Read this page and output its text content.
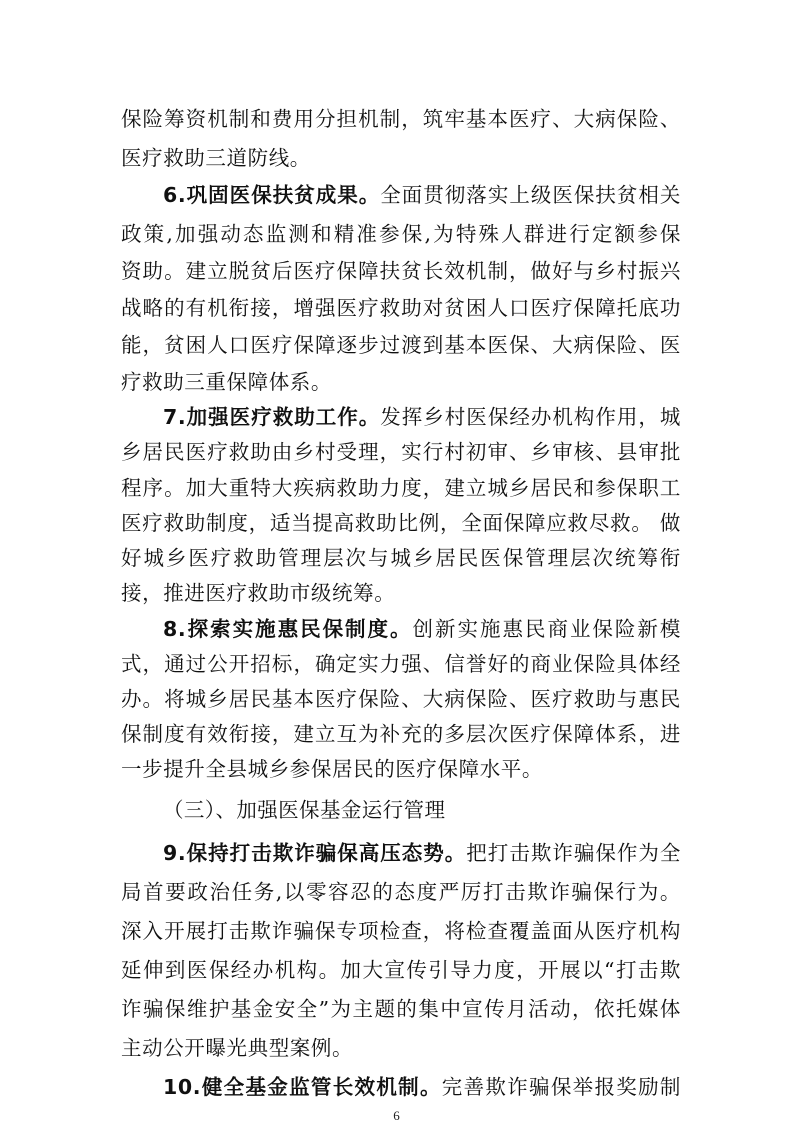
保险筹资机制和费用分担机制，筑牢基本医疗、大病保险、
医疗救助三道防线。
6.巩固医保扶贫成果。全面贯彻落实上级医保扶贫相关
政策,加强动态监测和精准参保,为特殊人群进行定额参保
资助。建立脱贫后医疗保障扶贫长效机制，做好与乡村振兴
战略的有机衔接，增强医疗救助对贫困人口医疗保障托底功
能，贫困人口医疗保障逐步过渡到基本医保、大病保险、医
疗救助三重保障体系。
7.加强医疗救助工作。发挥乡村医保经办机构作用，城
乡居民医疗救助由乡村受理，实行村初审、乡审核、县审批
程序。加大重特大疾病救助力度，建立城乡居民和参保职工
医疗救助制度，适当提高救助比例，全面保障应救尽救。 做
好城乡医疗救助管理层次与城乡居民医保管理层次统筹衔
接，推进医疗救助市级统筹。
8.探索实施惠民保制度。创新实施惠民商业保险新模
式，通过公开招标，确定实力强、信誉好的商业保险具体经
办。将城乡居民基本医疗保险、大病保险、医疗救助与惠民
保制度有效衔接，建立互为补充的多层次医疗保障体系，进
一步提升全县城乡参保居民的医疗保障水平。
（三）、加强医保基金运行管理
9.保持打击欺诈骗保高压态势。把打击欺诈骗保作为全
局首要政治任务,以零容忍的态度严厉打击欺诈骗保行为。
深入开展打击欺诈骗保专项检查，将检查覆盖面从医疗机构
延伸到医保经办机构。加大宣传引导力度，开展以“打击欺
诈骗保维护基金安全”为主题的集中宣传月活动，依托媒体
主动公开曝光典型案例。
10.健全基金监管长效机制。完善欺诈骗保举报奖励制
6
